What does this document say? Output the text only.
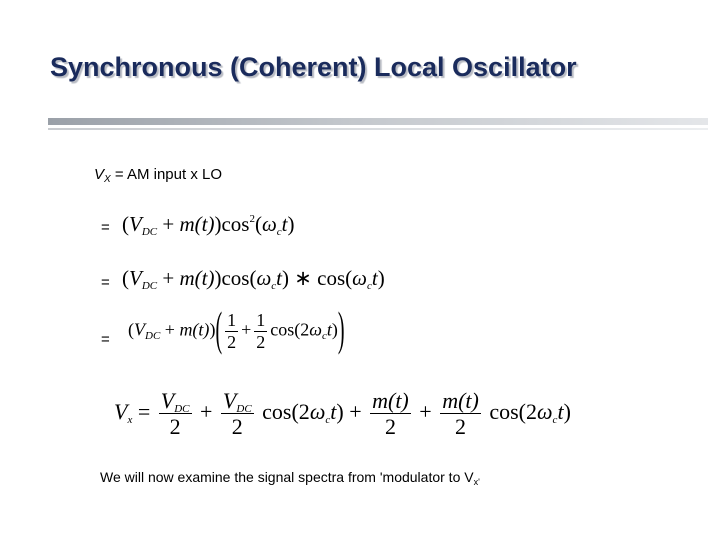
Synchronous (Coherent) Local Oscillator
$V_X$ = AM input x LO
= $(VDC + m(t))\cos^2(\omega ct)$
= (VDC + m(t))cos(ωct) ∗ cos(ωct)
=
$(V_{DC} + m(t))( \frac{1}{2} + \frac{1}{2} \cos(2\omega_ct))$
$Vx = \frac{\text{VDC}}{2} + \frac{\text{VDC}}{2} \cos(2\omega ct) + \frac{m(t)}{2} + \frac{m(t)}{2} \cos(2\omega ct)$
We will now examine the signal spectra from 'modulator to $V_{x'}$
